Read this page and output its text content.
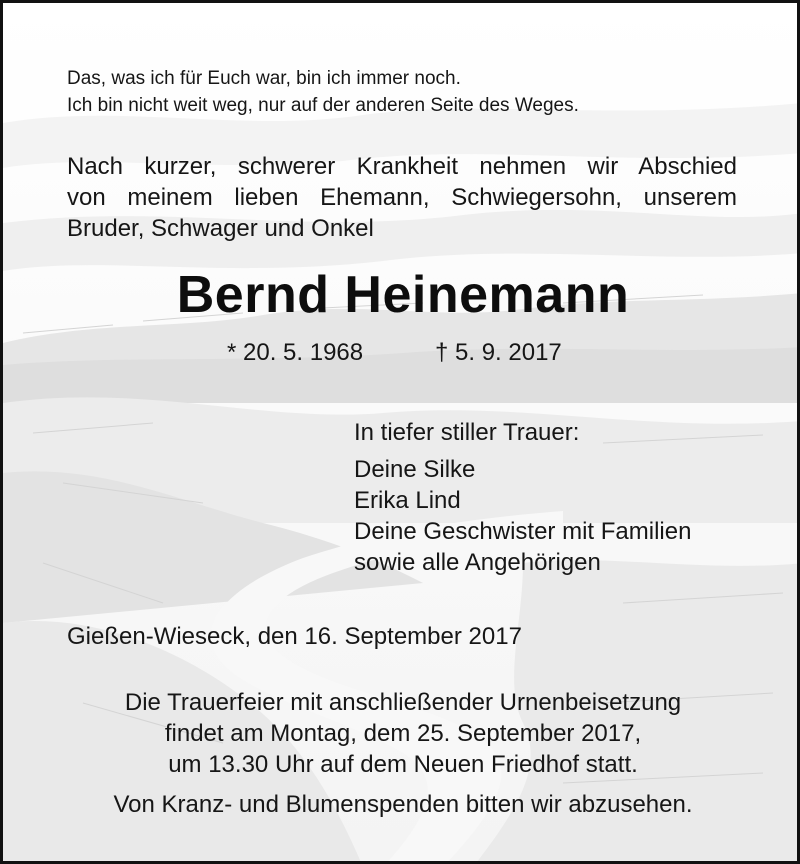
Das, was ich für Euch war, bin ich immer noch.
Ich bin nicht weit weg, nur auf der anderen Seite des Weges.
Nach kurzer, schwerer Krankheit nehmen wir Abschied
von meinem lieben Ehemann, Schwiegersohn, unserem
Bruder, Schwager und Onkel
Bernd Heinemann
* 20. 5. 1968	† 5. 9. 2017
In tiefer stiller Trauer:
Deine Silke
Erika Lind
Deine Geschwister mit Familien
sowie alle Angehörigen
Gießen-Wieseck, den 16. September 2017
Die Trauerfeier mit anschließender Urnenbeisetzung
findet am Montag, dem 25. September 2017,
um 13.30 Uhr auf dem Neuen Friedhof statt.
Von Kranz- und Blumenspenden bitten wir abzusehen.
